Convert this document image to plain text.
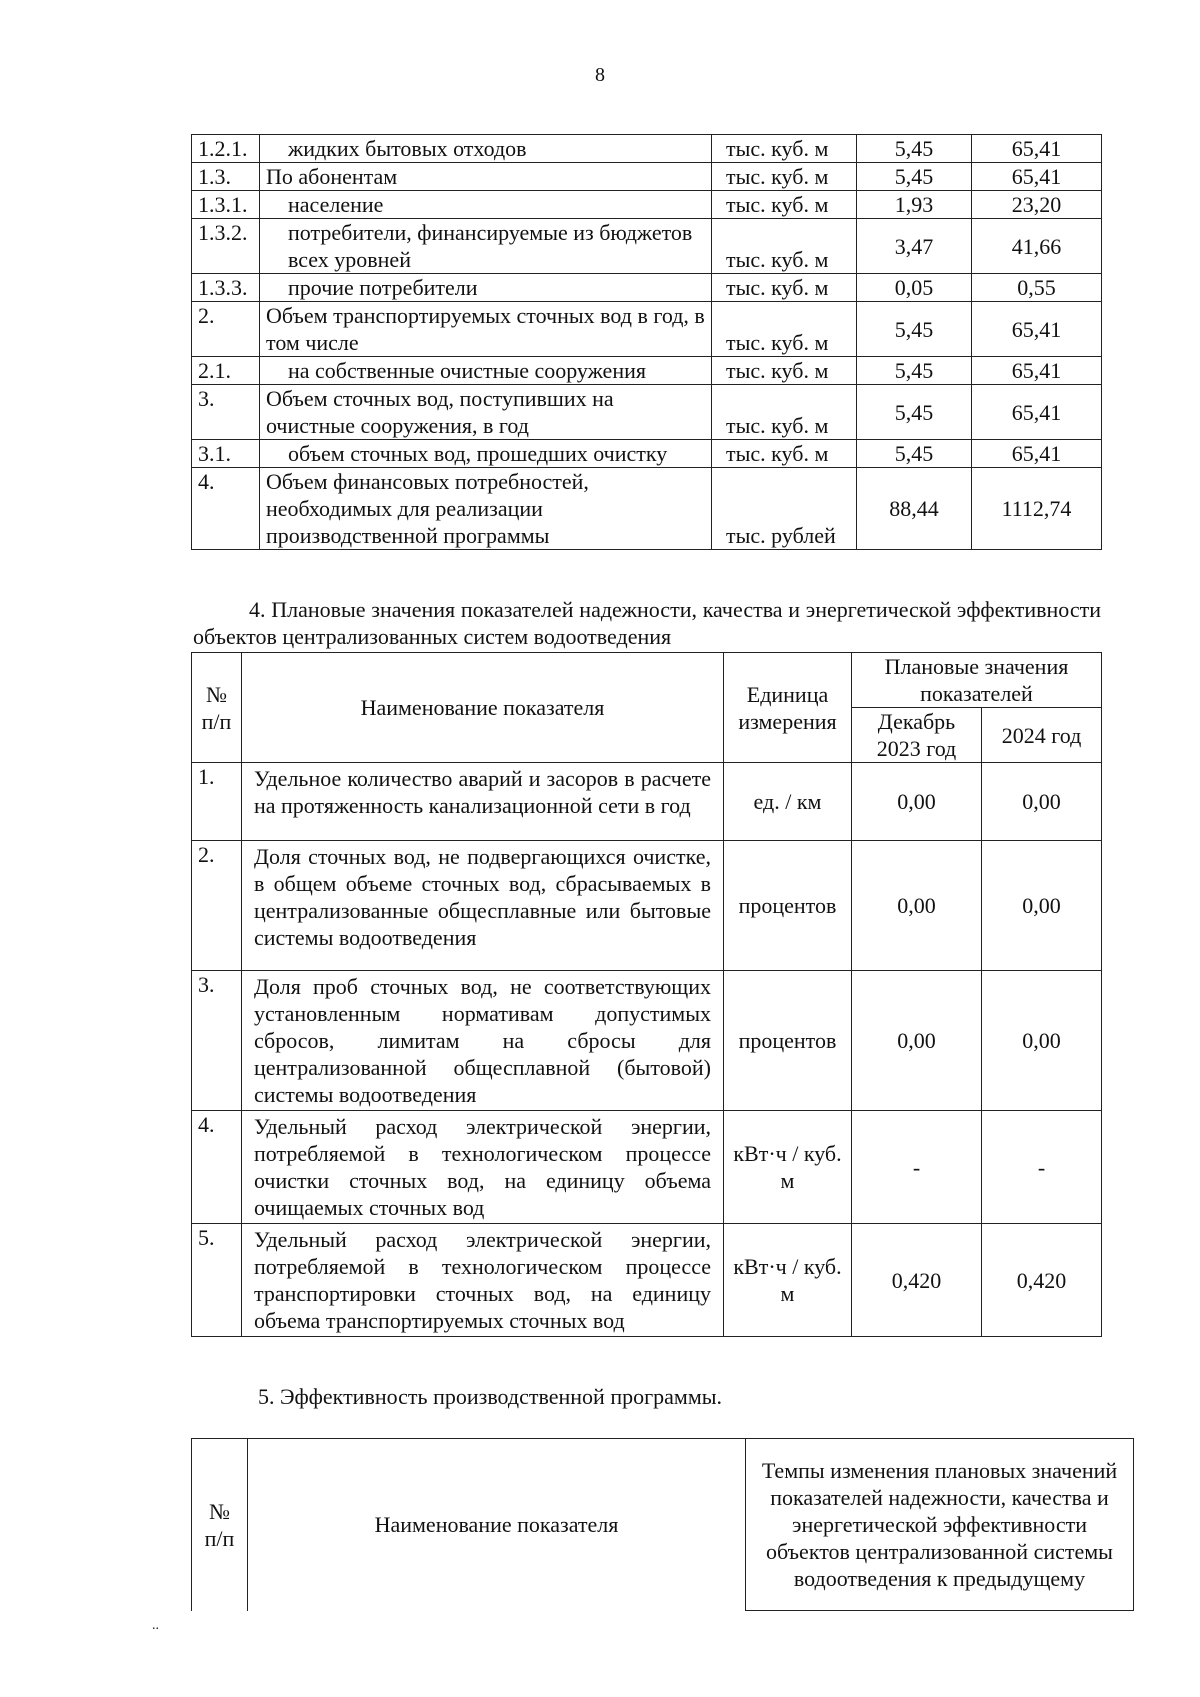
8
1.2.1.	жидких бытовых отходов	тыс. куб. м	5,45	65,41
1.3.	По абонентам	тыс. куб. м	5,45	65,41
1.3.1.	население	тыс. куб. м	1,93	23,20
1.3.2.	потребители, финансируемые из бюджетов всех уровней	тыс. куб. м	3,47	41,66
1.3.3.	прочие потребители	тыс. куб. м	0,05	0,55
2.	Объем транспортируемых сточных вод в год, в том числе	тыс. куб. м	5,45	65,41
2.1.	на собственные очистные сооружения	тыс. куб. м	5,45	65,41
3.	Объем сточных вод, поступивших на очистные сооружения, в год	тыс. куб. м	5,45	65,41
3.1.	объем сточных вод, прошедших очистку	тыс. куб. м	5,45	65,41
4.	Объем финансовых потребностей, необходимых для реализации производственной программы	тыс. рублей	88,44	1112,74
4. Плановые значения показателей надежности, качества и энергетической эффективности объектов централизованных систем водоотведения
№ п/п	Наименование показателя	Единица измерения	Плановые значения показателей	
			Декабрь 2023 год	2024 год
1.	Удельное количество аварий и засоров в расчете на протяженность канализационной сети в год	ед. / км	0,00	0,00
2.	Доля сточных вод, не подвергающихся очистке, в общем объеме сточных вод, сбрасываемых в централизованные общесплавные или бытовые системы водоотведения	процентов	0,00	0,00
3.	Доля проб сточных вод, не соответствующих установленным нормативам допустимых сбросов, лимитам на сбросы для централизованной общесплавной (бытовой) системы водоотведения	процентов	0,00	0,00
4.	Удельный расход электрической энергии, потребляемой в технологическом процессе очистки сточных вод, на единицу объема очищаемых сточных вод	кВт·ч / куб. м	-	-
5.	Удельный расход электрической энергии, потребляемой в технологическом процессе транспортировки сточных вод, на единицу объема транспортируемых сточных вод	кВт·ч / куб. м	0,420	0,420
5. Эффективность производственной программы.
№ п/п	Наименование показателя	Темпы изменения плановых значений показателей надежности, качества и энергетической эффективности объектов централизованной системы водоотведения к предыдущему
..
